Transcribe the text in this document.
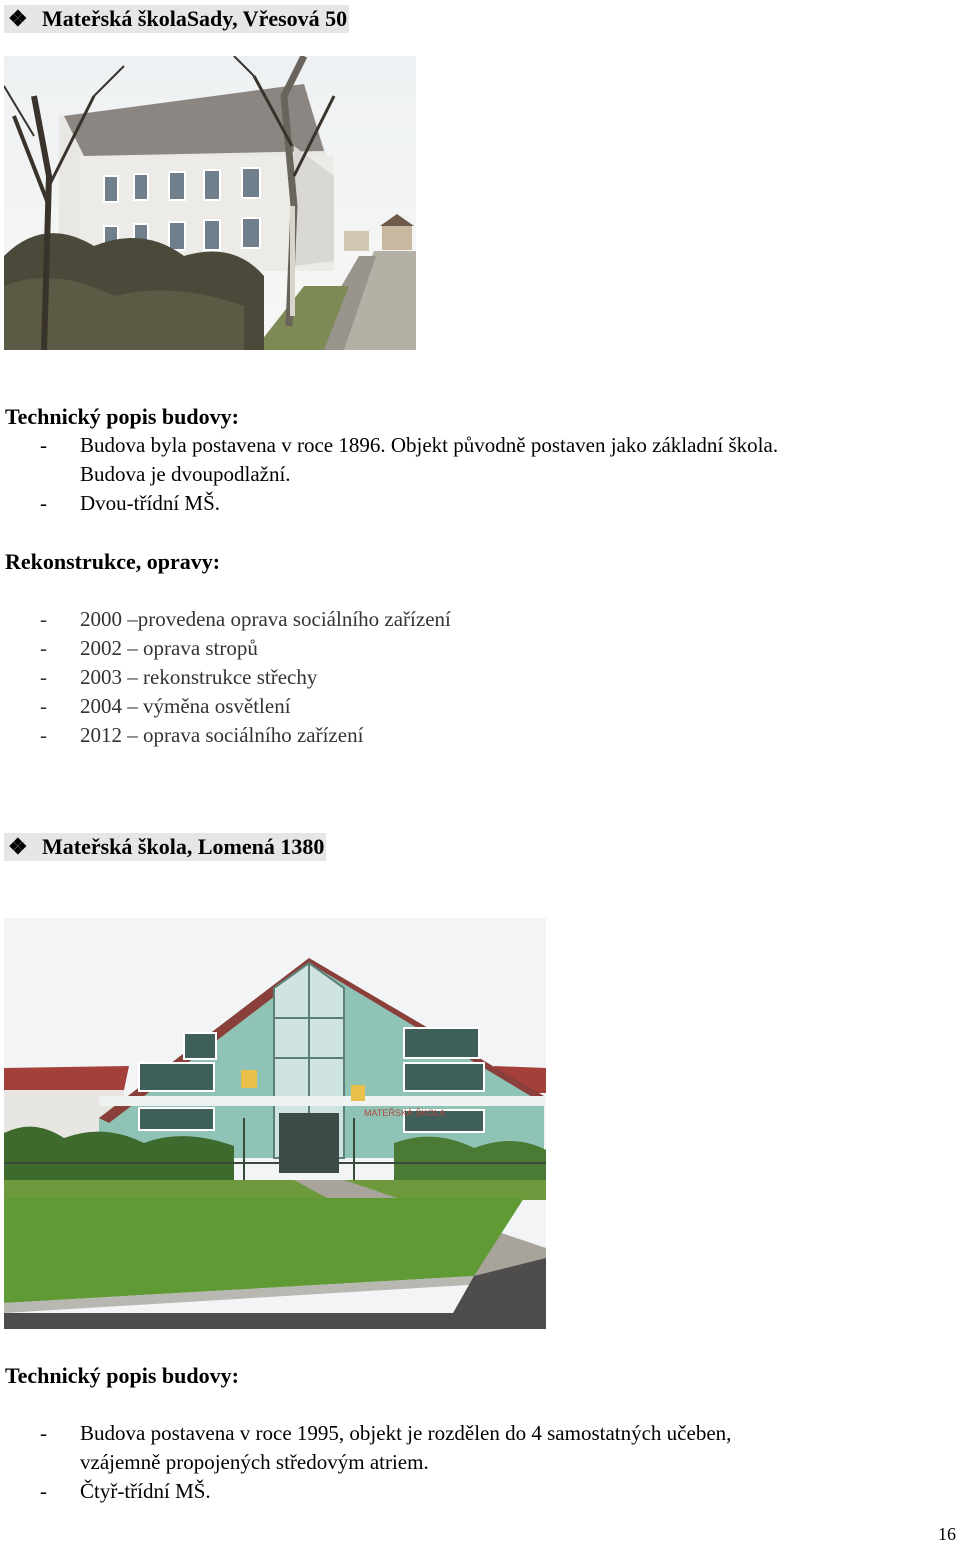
❖ Mateřská školaSady, Vřesová 50
Technický popis budovy:
- Budova byla postavena v roce 1896. Objekt původně postaven jako základní škola.
Budova je dvoupodlažní.
- Dvou-třídní MŠ.
Rekonstrukce, opravy:
- 2000 –provedena oprava sociálního zařízení
- 2002 – oprava stropů
- 2003 – rekonstrukce střechy
- 2004 – výměna osvětlení
- 2012 – oprava sociálního zařízení
❖ Mateřská škola, Lomená 1380
MATEŘSKÁ ŠKOLA
Technický popis budovy:
- Budova postavena v roce 1995, objekt je rozdělen do 4 samostatných učeben,
vzájemně propojených středovým atriem.
- Čtyř-třídní MŠ.
16
